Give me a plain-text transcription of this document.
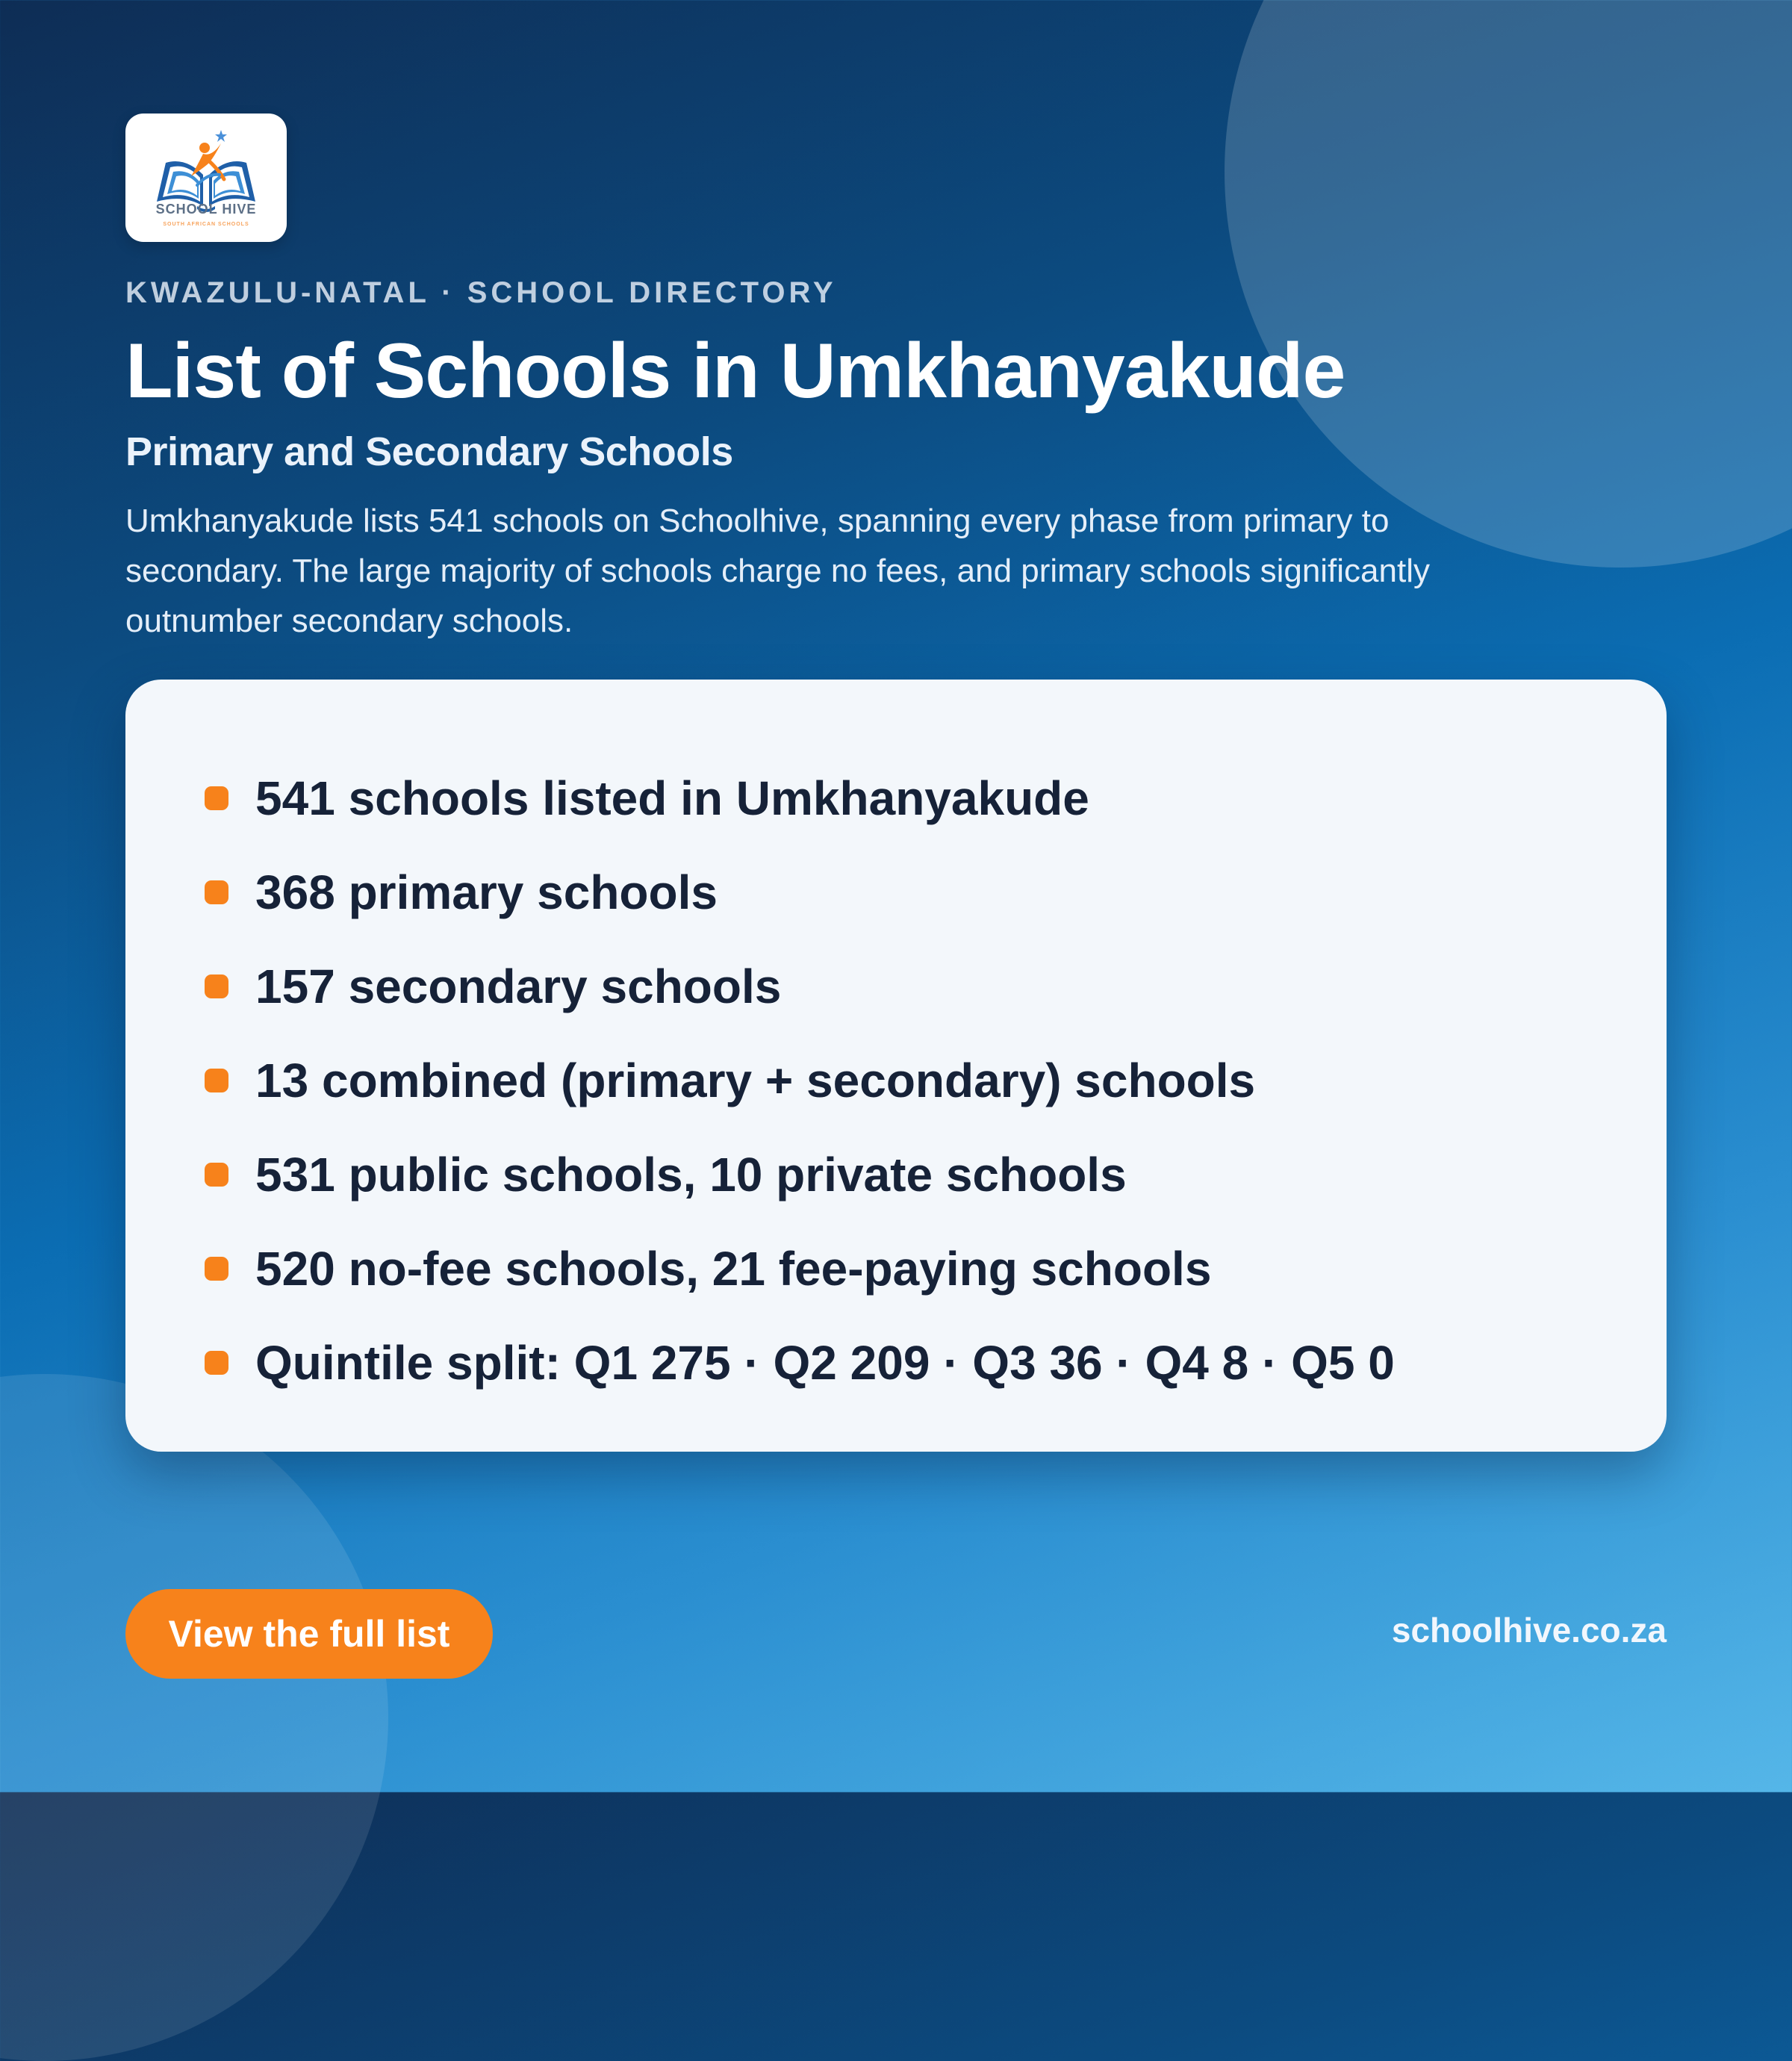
SCHOOL HIVE
SOUTH AFRICAN SCHOOLS
KWAZULU-NATAL · SCHOOL DIRECTORY
List of Schools in Umkhanyakude
Primary and Secondary Schools

Umkhanyakude lists 541 schools on Schoolhive, spanning every phase from primary to secondary. The large majority of schools charge no fees, and primary schools significantly outnumber secondary schools.

541 schools listed in Umkhanyakude
368 primary schools
157 secondary schools
13 combined (primary + secondary) schools
531 public schools, 10 private schools
520 no-fee schools, 21 fee-paying schools
Quintile split: Q1 275 · Q2 209 · Q3 36 · Q4 8 · Q5 0
View the full list	schoolhive.co.za
